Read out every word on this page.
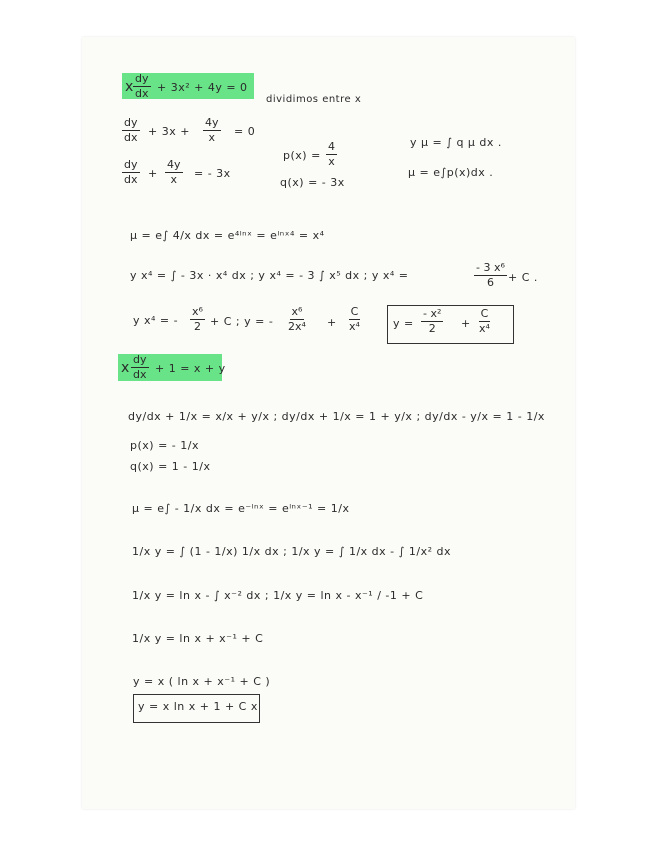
x $\frac{dy}{dx} + 3x^2 + 4y = 0$
dividimos entre x
$\frac{dy}{dx} + 3x + \frac{4y}{x} = 0$
$\frac{dy}{dx} + \frac{4y}{x}$ = - 3x
$p(x) = \frac{4}{x}$
q(x) = - 3x
y μ = ∫ q μ dx .
μ = e∫p(x)dx .
μ = e∫ 4/x dx = e⁴ˡⁿˣ = eˡⁿˣ⁴ = x⁴
y x⁴ = ∫ - 3x · x⁴ dx ; y x⁴ = - 3 ∫ x⁵ dx ; y x⁴ =	$\frac{\text{- 3 x⁶}}{6} + C$ .
y x⁴ = - $\frac{\text{x⁶}}{2} + C$ ; y = - $\frac{\text{x⁶}}{\text{2x⁴}} + \frac{C}{\text{x⁴}}$	$y = \frac{\text{- x²}}{2} + \frac{C}{\text{x⁴}}$
x $\frac{dy}{dx} + 1 = x + y$
dy/dx + 1/x = x/x + y/x ; dy/dx + 1/x = 1 + y/x ; dy/dx - y/x = 1 - 1/x
p(x) = - 1/x
q(x) = 1 - 1/x
μ = e∫ - 1/x dx = e⁻ˡⁿˣ = eˡⁿˣ⁻¹ = 1/x
1/x y = ∫ (1 - 1/x) 1/x dx ; 1/x y = ∫ 1/x dx - ∫ 1/x² dx
1/x y = ln x - ∫ x⁻² dx ; 1/x y = ln x - x⁻¹ / -1 + C
1/x y = ln x + x⁻¹ + C
y = x ( ln x + x⁻¹ + C )
y = x ln x + 1 + C x
